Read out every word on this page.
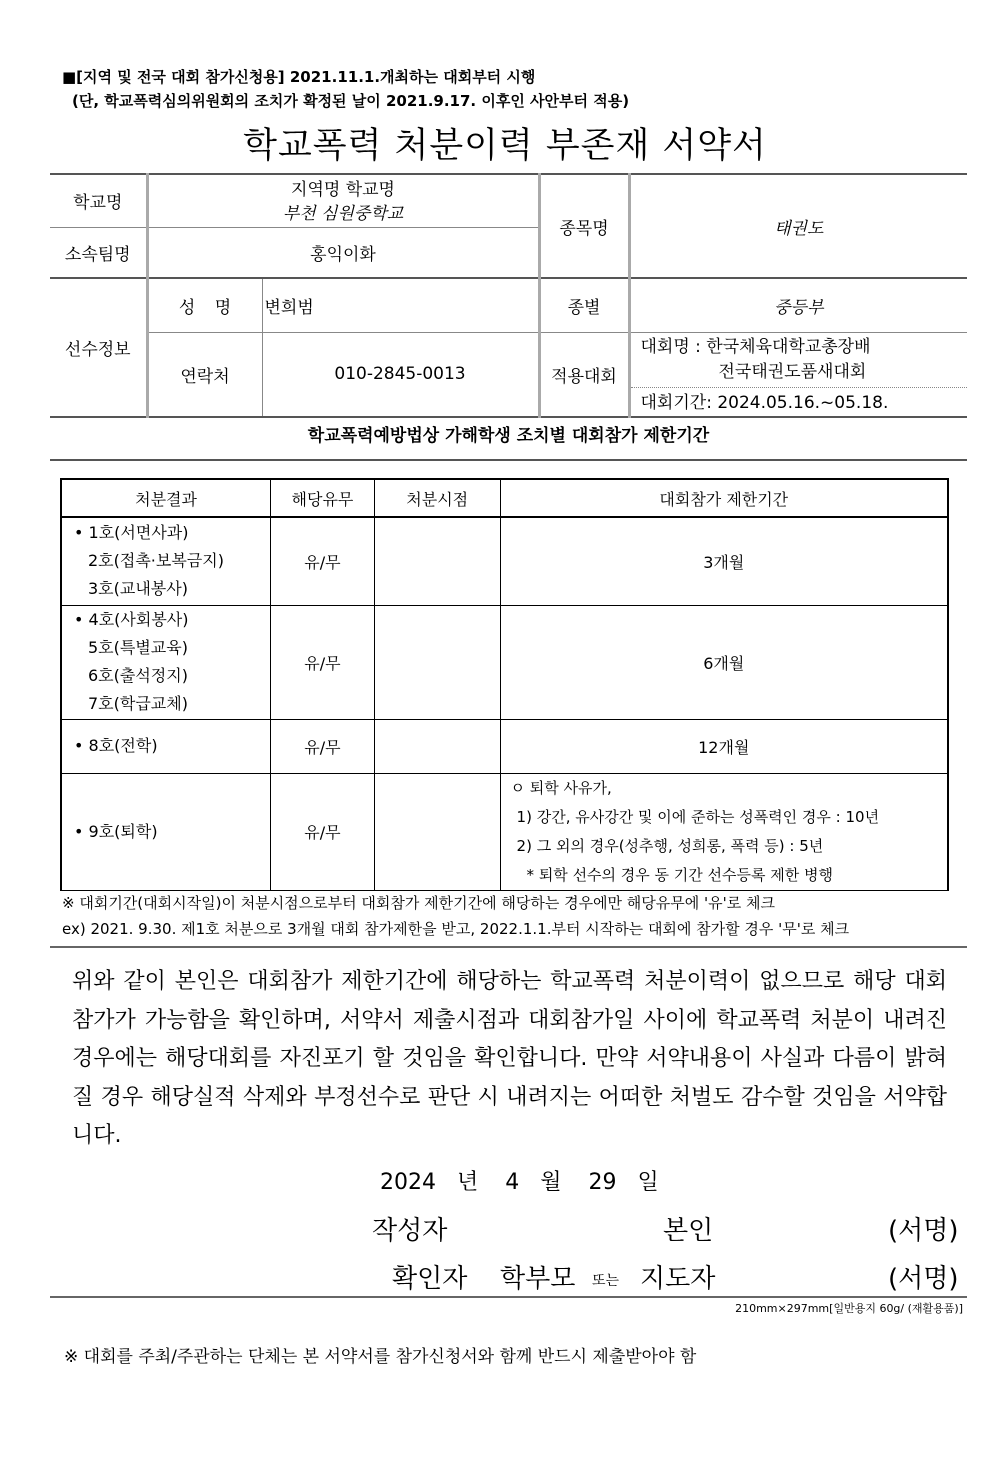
■[지역 및 전국 대회 참가신청용] 2021.11.1.개최하는 대회부터 시행
(단, 학교폭력심의위원회의 조치가 확정된 날이 2021.9.17. 이후인 사안부터 적용)
학교폭력 처분이력 부존재 서약서
학교명	지역명 학교명
부천 심원중학교		종목명	태권도
소속팀명	홍익이화			
선수정보	성 명	변희범	종별	중등부
	연락처	010-2845-0013	적용대회	대회명 : 한국체육대학교총장배
전국태권도품새대회
대회기간: 2024.05.16.~05.18.
학교폭력예방법상 가해학생 조치별 대회참가 제한기간
처분결과	해당유무	처분시점	대회참가 제한기간

• 1호(서면사과)
2호(접촉·보복금지)
3호(교내봉사)	유/무		3개월

• 4호(사회봉사)
5호(특별교육)
6호(출석정지)
7호(학급교체)	유/무		6개월
• 8호(전학)	유/무		12개월
• 9호(퇴학)	유/무		ㅇ 퇴학 사유가,
1) 강간, 유사강간 및 이에 준하는 성폭력인 경우 : 10년
2) 그 외의 경우(성추행, 성희롱, 폭력 등) : 5년
* 퇴학 선수의 경우 동 기간 선수등록 제한 병행
※ 대회기간(대회시작일)이 처분시점으로부터 대회참가 제한기간에 해당하는 경우에만 해당유무에 '유'로 체크
ex) 2021. 9.30. 제1호 처분으로 3개월 대회 참가제한을 받고, 2022.1.1.부터 시작하는 대회에 참가할 경우 '무'로 체크
위와 같이 본인은 대회참가 제한기간에 해당하는 학교폭력 처분이력이 없으므로 해당 대회 참가가 가능함을 확인하며, 서약서 제출시점과 대회참가일 사이에 학교폭력 처분이 내려진 경우에는 해당대회를 자진포기 할 것임을 확인합니다. 만약 서약내용이 사실과 다름이 밝혀질 경우 해당실적 삭제와 부정선수로 판단 시 내려지는 어떠한 처벌도 감수할 것임을 서약합니다.
2024 년 4 월 29 일
작성자	본인	(서명)
확인자 학부모 또는 지도자	(서명)
210mm×297mm[일반용지 60g/ (재활용품)]
※ 대회를 주최/주관하는 단체는 본 서약서를 참가신청서와 함께 반드시 제출받아야 함
